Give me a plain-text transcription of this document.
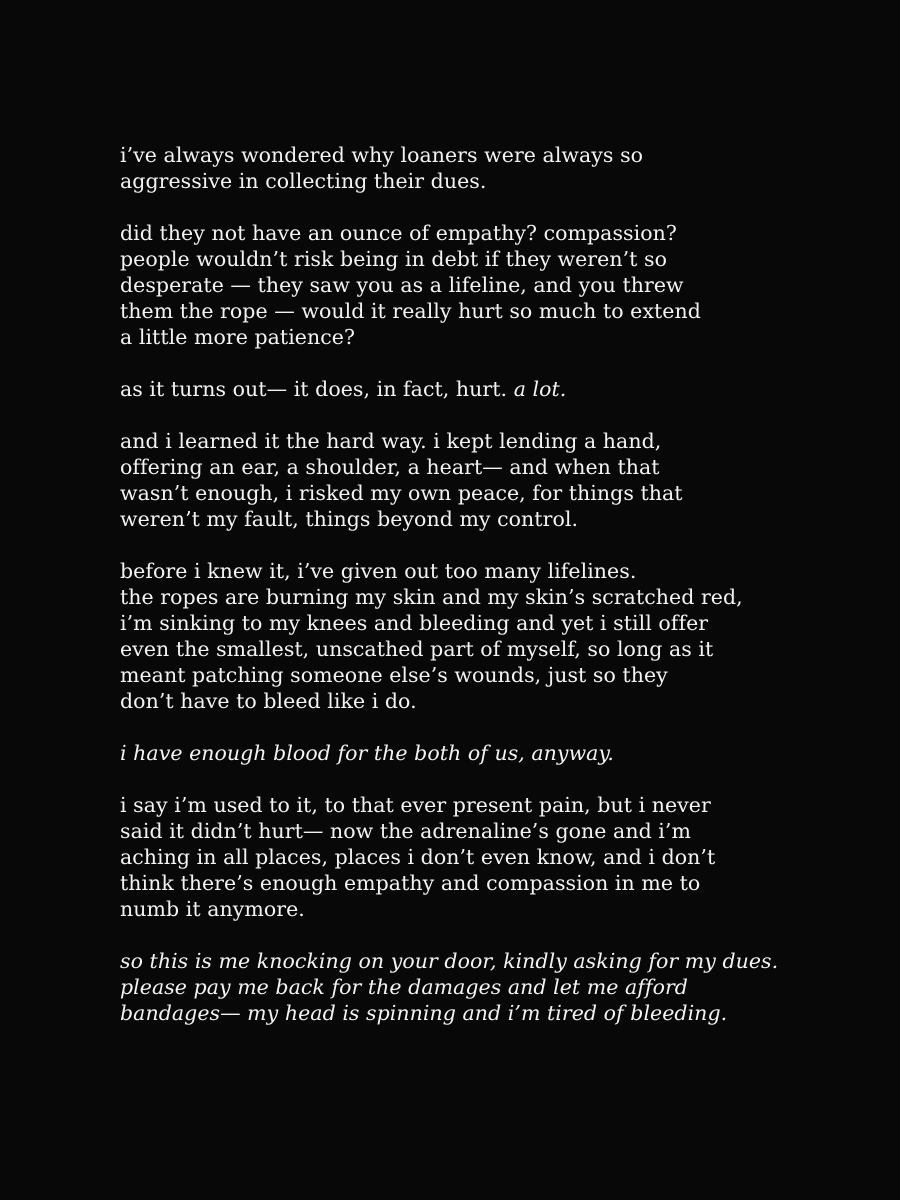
i’ve always wondered why loaners were always so
aggressive in collecting their dues.

did they not have an ounce of empathy? compassion?
people wouldn’t risk being in debt if they weren’t so
desperate — they saw you as a lifeline, and you threw
them the rope — would it really hurt so much to extend
a little more patience?

as it turns out— it does, in fact, hurt. a lot.

and i learned it the hard way. i kept lending a hand,
offering an ear, a shoulder, a heart— and when that
wasn’t enough, i risked my own peace, for things that
weren’t my fault, things beyond my control.

before i knew it, i’ve given out too many lifelines.
the ropes are burning my skin and my skin’s scratched red,
i’m sinking to my knees and bleeding and yet i still offer
even the smallest, unscathed part of myself, so long as it
meant patching someone else’s wounds, just so they
don’t have to bleed like i do.

i have enough blood for the both of us, anyway.

i say i’m used to it, to that ever present pain, but i never
said it didn’t hurt— now the adrenaline’s gone and i’m
aching in all places, places i don’t even know, and i don’t
think there’s enough empathy and compassion in me to
numb it anymore.

so this is me knocking on your door, kindly asking for my dues.
please pay me back for the damages and let me afford
bandages— my head is spinning and i’m tired of bleeding.
